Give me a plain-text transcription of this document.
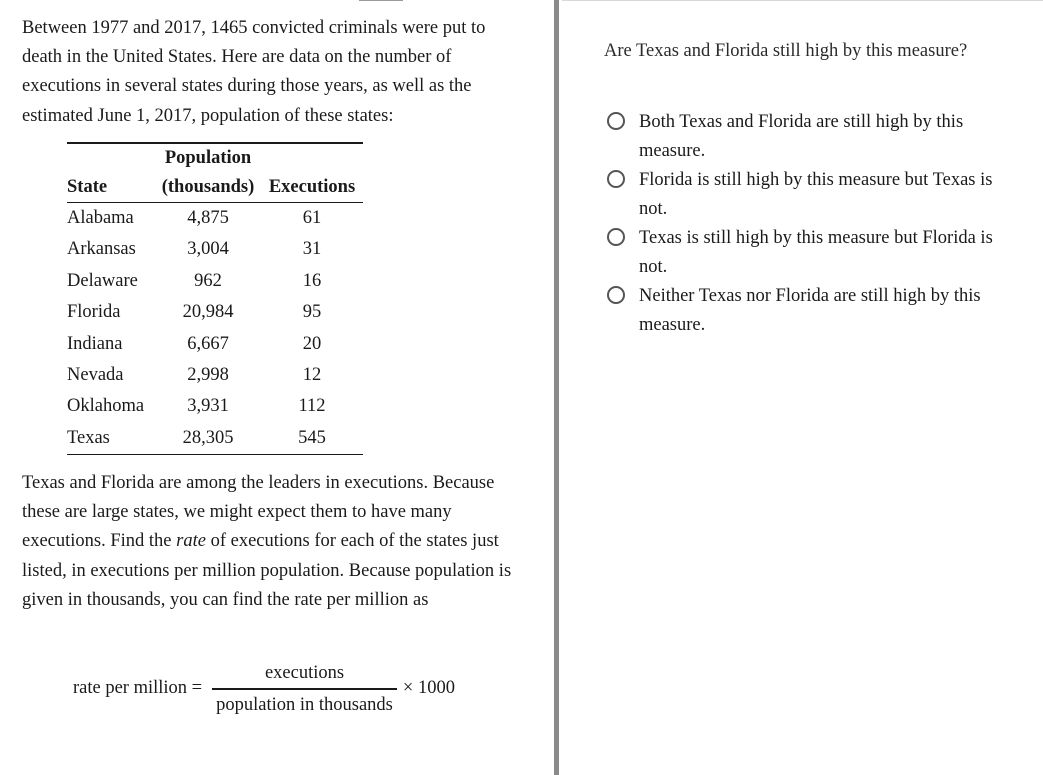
Between 1977 and 2017, 1465 convicted criminals were put to death in the United States. Here are data on the number of executions in several states during those years, as well as the estimated June 1, 2017, population of these states:

	Population	
State	(thousands)	Executions
Alabama	4,875	61
Arkansas	3,004	31
Delaware	962	16
Florida	20,984	95
Indiana	6,667	20
Nevada	2,998	12
Oklahoma	3,931	112
Texas	28,305	545

Texas and Florida are among the leaders in executions. Because these are large states, we might expect them to have many executions. Find the rate of executions for each of the states just listed, in executions per million population. Because population is given in thousands, you can find the rate per million as

rate per million = $\frac{\text{executions}}{\text{population in thousands}} \times 1000$

Are Texas and Florida still high by this measure?

Both Texas and Florida are still high by this measure.
Florida is still high by this measure but Texas is not.
Texas is still high by this measure but Florida is not.
Neither Texas nor Florida are still high by this measure.
